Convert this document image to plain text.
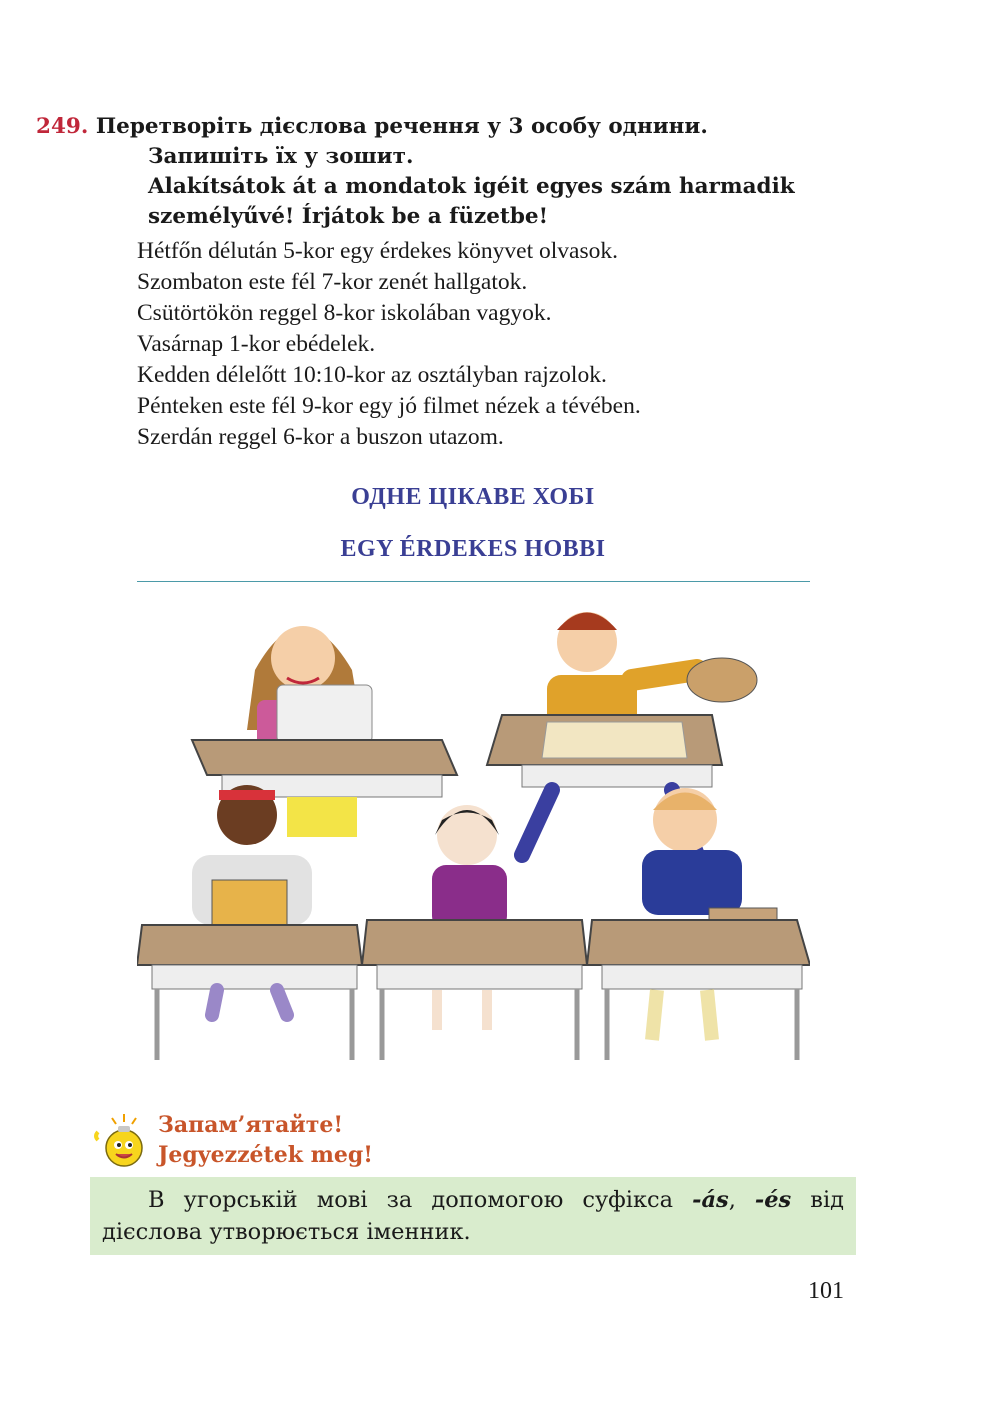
249. Перетворіть дієслова речення у 3 особу однини.
Запишіть їх у зошит.
Alakítsátok át a mondatok igéit egyes szám harmadik
személyűvé! Írjátok be a füzetbe!
Hétfőn délután 5-kor egy érdekes könyvet olvasok.
Szombaton este fél 7-kor zenét hallgatok.
Csütörtökön reggel 8-kor iskolában vagyok.
Vasárnap 1-kor ebédelek.
Kedden délelőtt 10:10-kor az osztályban rajzolok.
Pénteken este fél 9-kor egy jó filmet nézek a tévében.
Szerdán reggel 6-kor a buszon utazom.
ОДНЕ ЦІКАВЕ ХОБІ
EGY ÉRDEKES HOBBI
Запам’ятайте!
Jegyezzétek meg!

В угорській мові за допомогою суфікса -ás, -és від дієслова утворюється іменник.

101
